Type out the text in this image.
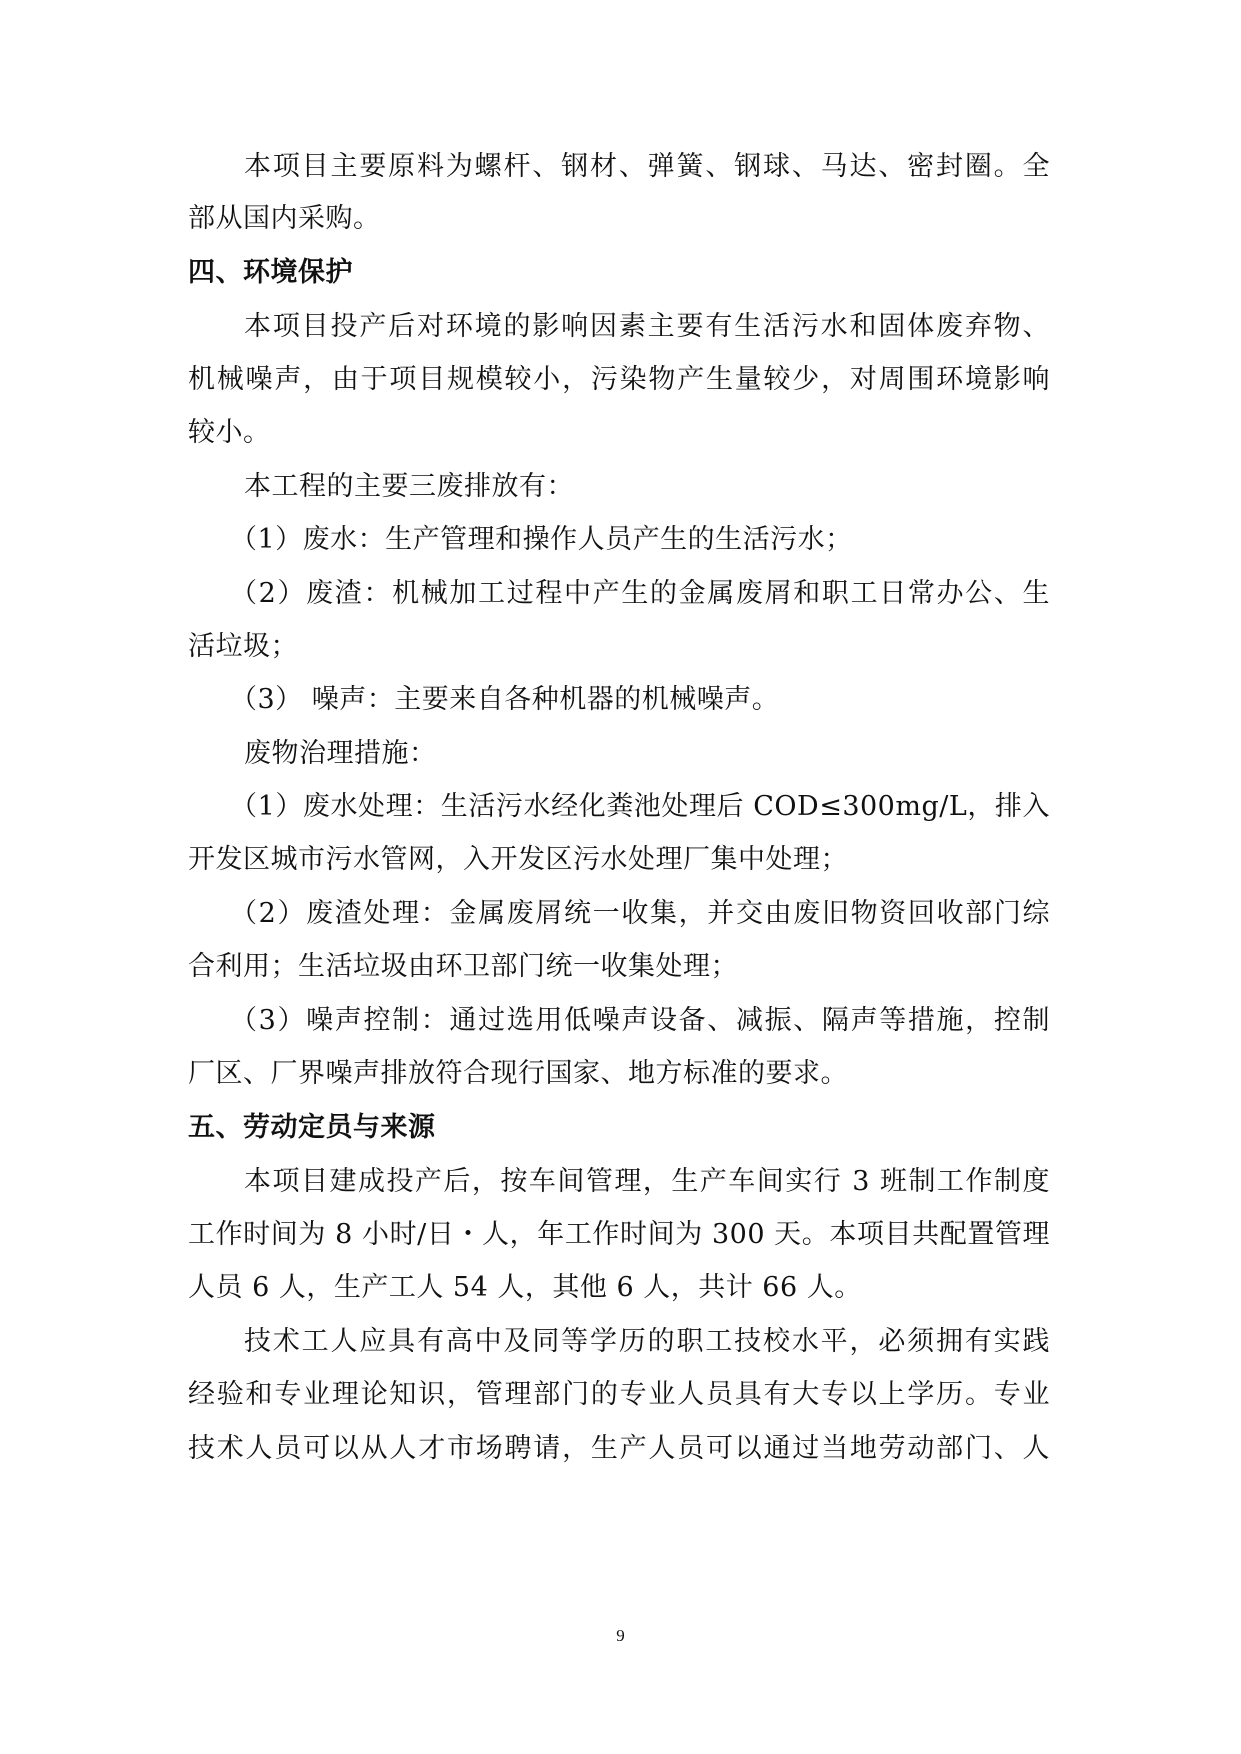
本项目主要原料为螺杆、钢材、弹簧、钢球、马达、密封圈。全
部从国内采购。
四、环境保护
本项目投产后对环境的影响因素主要有生活污水和固体废弃物、
机械噪声，由于项目规模较小，污染物产生量较少，对周围环境影响
较小。
本工程的主要三废排放有：
（1）废水：生产管理和操作人员产生的生活污水；
（2）废渣：机械加工过程中产生的金属废屑和职工日常办公、生
活垃圾；
（3） 噪声：主要来自各种机器的机械噪声。
废物治理措施：
（1）废水处理：生活污水经化粪池处理后 COD≤300mg/L，排入
开发区城市污水管网，入开发区污水处理厂集中处理；
（2）废渣处理：金属废屑统一收集，并交由废旧物资回收部门综
合利用；生活垃圾由环卫部门统一收集处理；
（3）噪声控制：通过选用低噪声设备、减振、隔声等措施，控制
厂区、厂界噪声排放符合现行国家、地方标准的要求。
五、劳动定员与来源
本项目建成投产后，按车间管理，生产车间实行 3 班制工作制度
工作时间为 8 小时/日・人，年工作时间为 300 天。本项目共配置管理
人员 6 人，生产工人 54 人，其他 6 人，共计 66 人。
技术工人应具有高中及同等学历的职工技校水平，必须拥有实践
经验和专业理论知识，管理部门的专业人员具有大专以上学历。专业
技术人员可以从人才市场聘请，生产人员可以通过当地劳动部门、人
9
